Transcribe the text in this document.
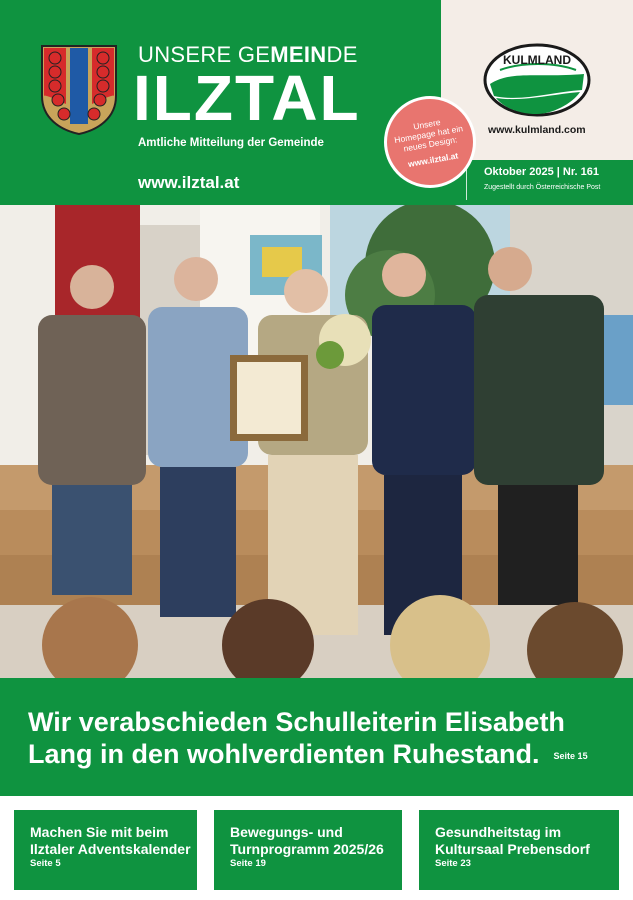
UNSERE GEMEINDE
ILZTAL
Amtliche Mitteilung der Gemeinde
www.ilztal.at
Oktober 2025 | Nr. 161
Zugestellt durch Österreichische Post
KULMLAND
www.kulmland.com
Unsere Homepage hat ein neues Design:
www.ilztal.at
Wir verabschieden Schulleiterin Elisabeth Lang in den wohlverdienten Ruhestand. Seite 15
Machen Sie mit beim Ilztaler Adventskalender
Seite 5
Bewegungs- und Turnprogramm 2025/26
Seite 19
Gesundheitstag im Kultursaal Prebensdorf
Seite 23
